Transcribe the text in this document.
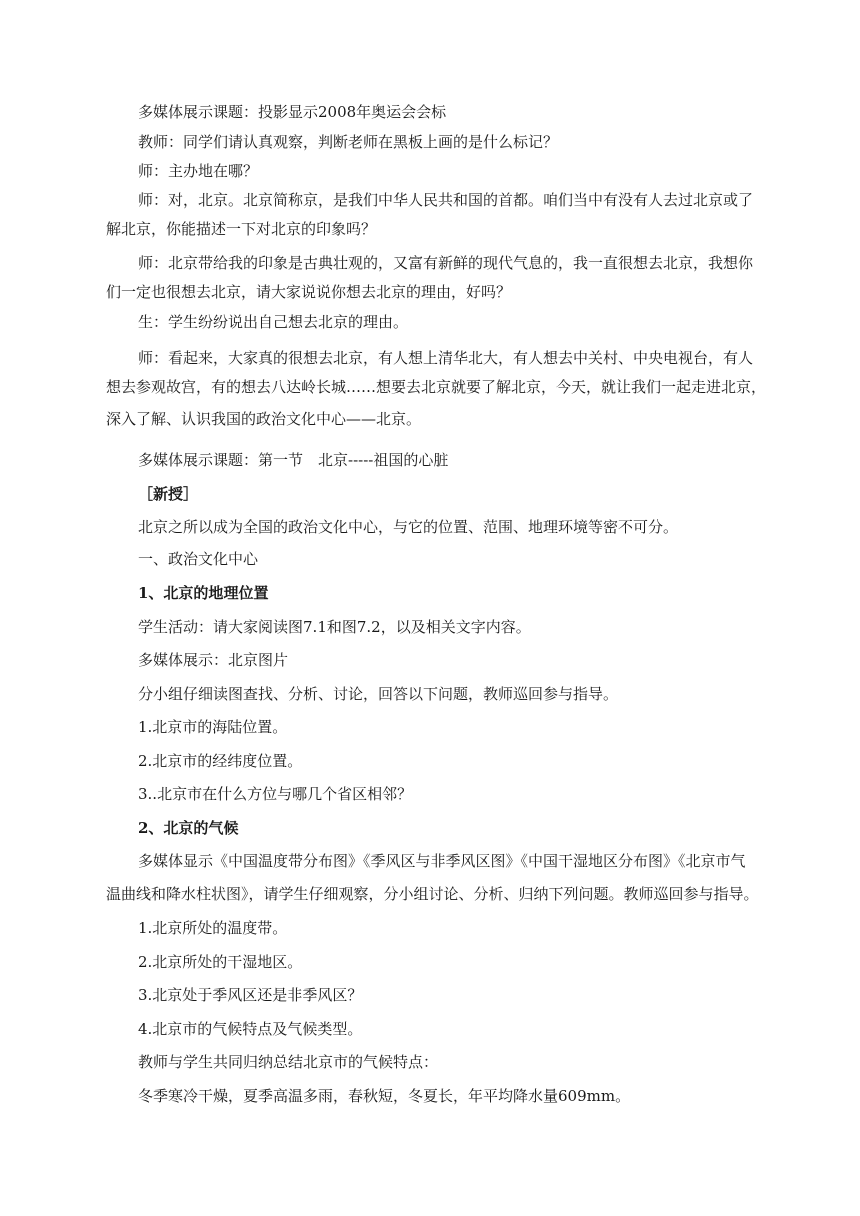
多媒体展示课题：投影显示2008年奥运会会标
教师：同学们请认真观察，判断老师在黑板上画的是什么标记？
师：主办地在哪？
师：对，北京。北京简称京，是我们中华人民共和国的首都。咱们当中有没有人去过北京或了
解北京，你能描述一下对北京的印象吗？
师：北京带给我的印象是古典壮观的，又富有新鲜的现代气息的，我一直很想去北京，我想你
们一定也很想去北京，请大家说说你想去北京的理由，好吗？
生：学生纷纷说出自己想去北京的理由。
师：看起来，大家真的很想去北京，有人想上清华北大，有人想去中关村、中央电视台，有人
想去参观故宫，有的想去八达岭长城……想要去北京就要了解北京，今天，就让我们一起走进北京，
深入了解、认识我国的政治文化中心——北京。
多媒体展示课题：第一节　北京-----祖国的心脏
［新授］
北京之所以成为全国的政治文化中心，与它的位置、范围、地理环境等密不可分。
一、政治文化中心
1、北京的地理位置
学生活动：请大家阅读图7.1和图7.2，以及相关文字内容。
多媒体展示：北京图片
分小组仔细读图查找、分析、讨论，回答以下问题，教师巡回参与指导。
1.北京市的海陆位置。
2.北京市的经纬度位置。
3..北京市在什么方位与哪几个省区相邻？
2、北京的气候
多媒体显示《中国温度带分布图》《季风区与非季风区图》《中国干湿地区分布图》《北京市气
温曲线和降水柱状图》，请学生仔细观察，分小组讨论、分析、归纳下列问题。教师巡回参与指导。
1.北京所处的温度带。
2.北京所处的干湿地区。
3.北京处于季风区还是非季风区？
4.北京市的气候特点及气候类型。
教师与学生共同归纳总结北京市的气候特点：
冬季寒冷干燥，夏季高温多雨，春秋短，冬夏长，年平均降水量609mm。
